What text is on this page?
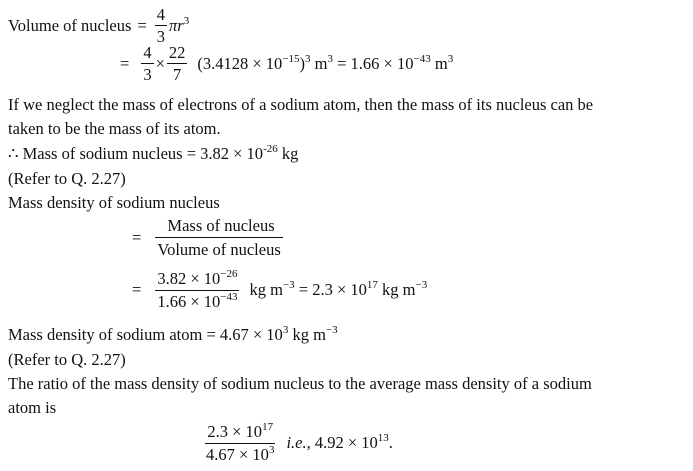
Volume of nucleus = $\frac{4}{3} \pi r^3$
= $\frac{4}{3} \times \frac{22}{7} (3.4128 \times 10^{-15})^3$ $m^3 = 1.66 \times 10^{-43}$ $m^3$
If we neglect the mass of electrons of a sodium atom, then the mass of its nucleus can be
taken to be the mass of its atom.
∴ Mass of sodium nucleus = $3.82 \times 10^{-26}$ kg
(Refer to Q. 2.27)
Mass density of sodium nucleus
= $\frac{\text{Mass of nucleus}}{\text{Volume of nucleus}}$
= $\frac{3.82 \times 10^{-26}}{1.66 \times 10^{-43}}$ kg $m^{-3} = 2.3 \times 10^{17}$ kg $m^{-3}$
Mass density of sodium atom = $4.67 \times 10^3$ kg $m^{-3}$
(Refer to Q. 2.27)
The ratio of the mass density of sodium nucleus to the average mass density of a sodium
atom is
$\frac{2.3 \times 10^{17}}{4.67 \times 10^3} i.e$., $4.92 \times 10^{13}$.
